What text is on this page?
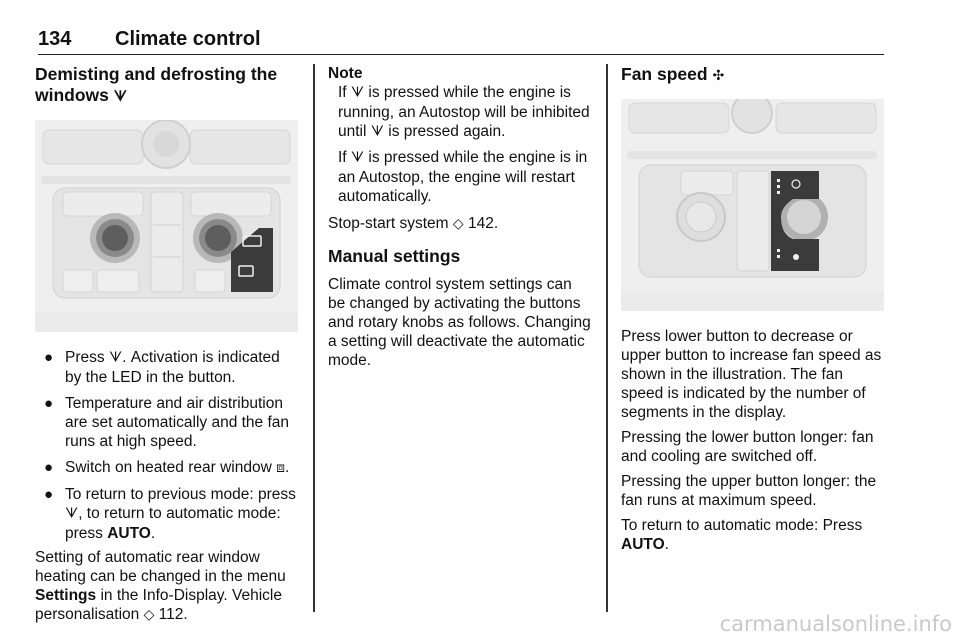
134 Climate control
Demisting and defrosting the
windows ᗐ
● Press ᗐ. Activation is indicated by the LED in the button.
● Temperature and air distribution are set automatically and the fan runs at high speed.
● Switch on heated rear window ⧈.
● To return to previous mode: press ᗐ, to return to automatic mode: press AUTO.

Setting of automatic rear window heating can be changed in the menu Settings in the Info-Display. Vehicle personalisation ◇ 112.

Note

If ᗐ is pressed while the engine is running, an Autostop will be inhibited until ᗐ is pressed again.

If ᗐ is pressed while the engine is in an Autostop, the engine will restart automatically.

Stop-start system ◇ 142.

Manual settings

Climate control system settings can be changed by activating the buttons and rotary knobs as follows. Changing a setting will deactivate the automatic mode.

Fan speed ✣

Press lower button to decrease or upper button to increase fan speed as shown in the illustration. The fan speed is indicated by the number of segments in the display.

Pressing the lower button longer: fan and cooling are switched off.

Pressing the upper button longer: the fan runs at maximum speed.

To return to automatic mode: Press AUTO.

carmanualsonline.info
